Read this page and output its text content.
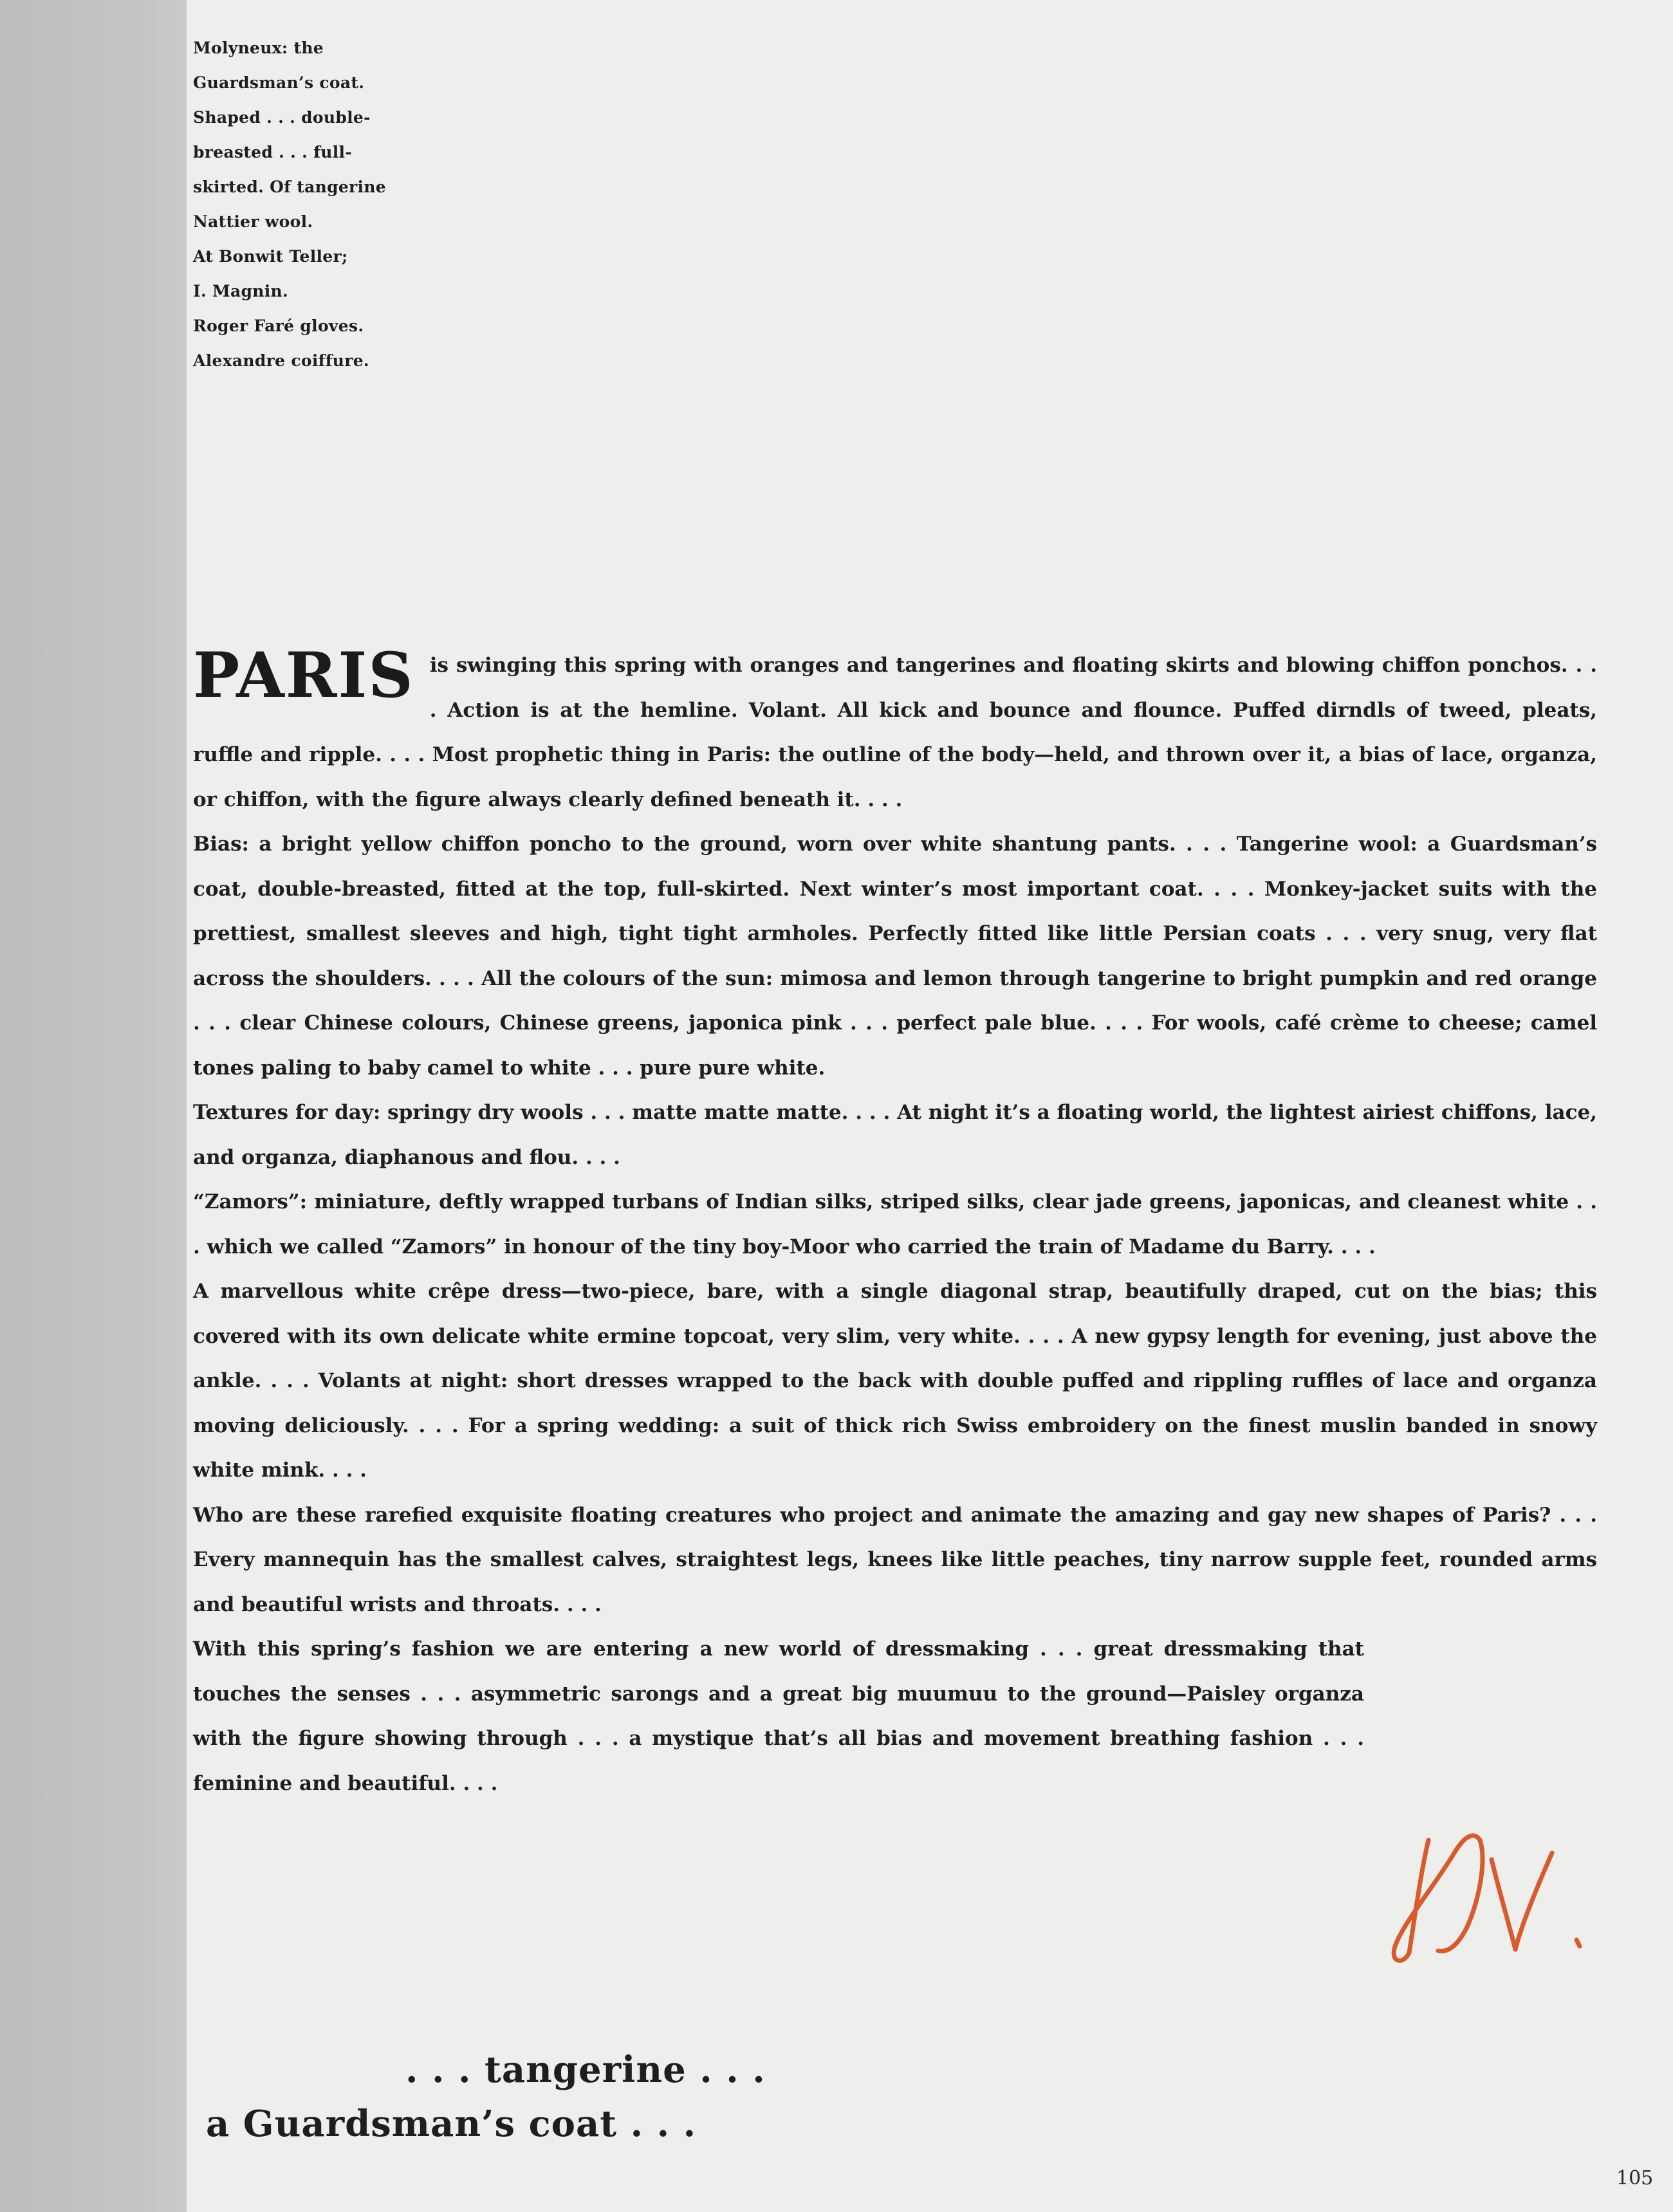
Molyneux: the
Guardsman’s coat.
Shaped . . . double-
breasted . . . full-
skirted. Of tangerine
Nattier wool.
At Bonwit Teller;
I. Magnin.
Roger Faré gloves.
Alexandre coiffure.
PARIS is swinging this spring with oranges and tangerines and floating skirts and blowing chiffon ponchos. . . . Action is at the hemline. Volant. All kick and bounce and flounce. Puffed dirndls of tweed, pleats, ruffle and ripple. . . . Most prophetic thing in Paris: the outline of the body—held, and thrown over it, a bias of lace, organza, or chiffon, with the figure always clearly defined beneath it. . . .

Bias: a bright yellow chiffon poncho to the ground, worn over white shantung pants. . . . Tangerine wool: a Guardsman’s coat, double-breasted, fitted at the top, full-skirted. Next winter’s most important coat. . . . Monkey-jacket suits with the prettiest, smallest sleeves and high, tight tight armholes. Perfectly fitted like little Persian coats . . . very snug, very flat across the shoulders. . . . All the colours of the sun: mimosa and lemon through tangerine to bright pumpkin and red orange . . . clear Chinese colours, Chinese greens, japonica pink . . . perfect pale blue. . . . For wools, café crème to cheese; camel tones paling to baby camel to white . . . pure pure white.

Textures for day: springy dry wools . . . matte matte matte. . . . At night it’s a floating world, the lightest airiest chiffons, lace, and organza, diaphanous and flou. . . .

“Zamors”: miniature, deftly wrapped turbans of Indian silks, striped silks, clear jade greens, japonicas, and cleanest white . . . which we called “Zamors” in honour of the tiny boy-Moor who carried the train of Madame du Barry. . . .

A marvellous white crêpe dress—two-piece, bare, with a single diagonal strap, beautifully draped, cut on the bias; this covered with its own delicate white ermine topcoat, very slim, very white. . . . A new gypsy length for evening, just above the ankle. . . . Volants at night: short dresses wrapped to the back with double puffed and rippling ruffles of lace and organza moving deliciously. . . . For a spring wedding: a suit of thick rich Swiss embroidery on the finest muslin banded in snowy white mink. . . .

Who are these rarefied exquisite floating creatures who project and animate the amazing and gay new shapes of Paris? . . . Every mannequin has the smallest calves, straightest legs, knees like little peaches, tiny narrow supple feet, rounded arms and beautiful wrists and throats. . . .

With this spring’s fashion we are entering a new world of dressmaking . . . great dressmaking that touches the senses . . . asymmetric sarongs and a great big muumuu to the ground—Paisley organza with the figure showing through . . . a mystique that’s all bias and movement breathing fashion . . . feminine and beautiful. . . .

. . . tangerine . . .
a Guardsman’s coat . . .
105
